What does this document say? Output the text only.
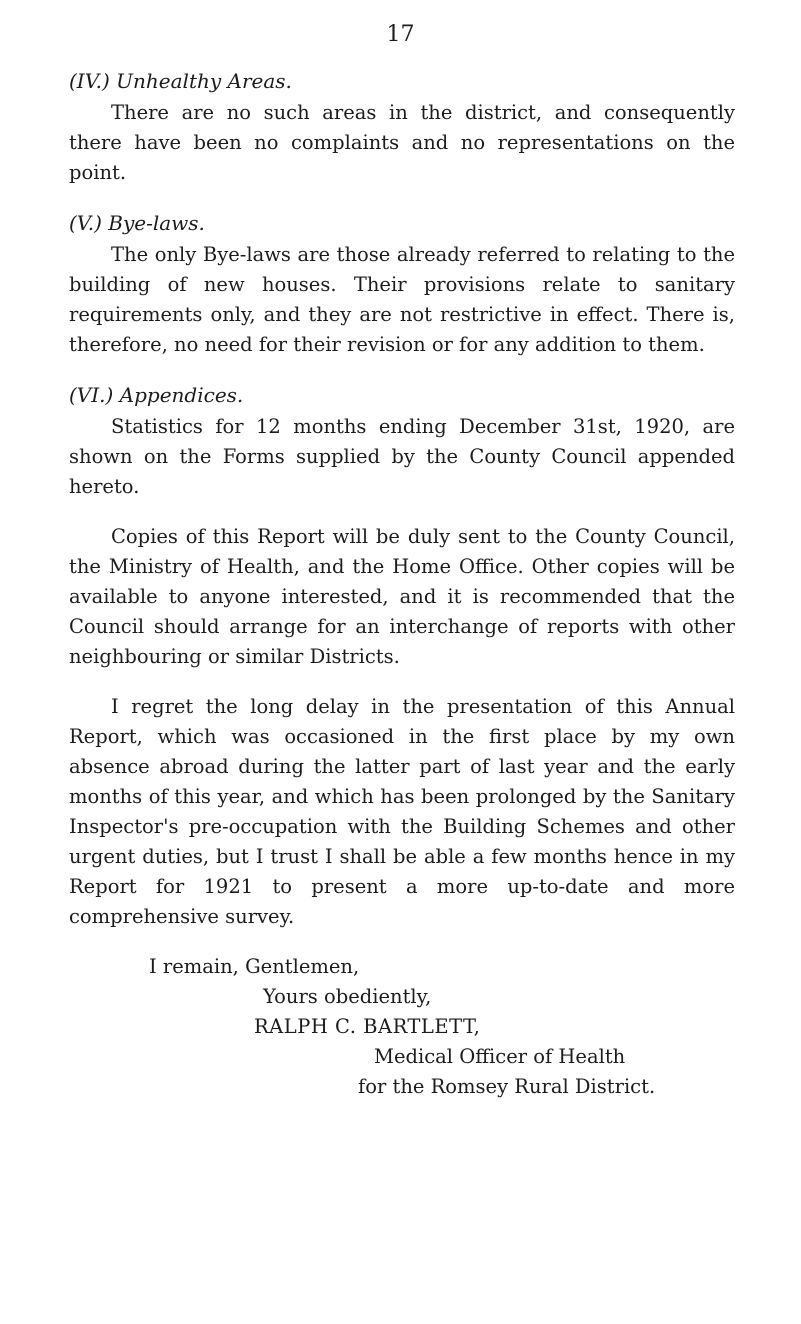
17

(IV.) Unhealthy Areas.

There are no such areas in the district, and consequently there have been no complaints and no representations on the point.

(V.) Bye-laws.

The only Bye-laws are those already referred to relating to the building of new houses. Their provisions relate to sanitary requirements only, and they are not restrictive in effect. There is, therefore, no need for their revision or for any addition to them.

(VI.) Appendices.

Statistics for 12 months ending December 31st, 1920, are shown on the Forms supplied by the County Council appended hereto.

Copies of this Report will be duly sent to the County Council, the Ministry of Health, and the Home Office. Other copies will be available to anyone interested, and it is recommended that the Council should arrange for an interchange of reports with other neighbouring or similar Districts.

I regret the long delay in the presentation of this Annual Report, which was occasioned in the first place by my own absence abroad during the latter part of last year and the early months of this year, and which has been prolonged by the Sanitary Inspector's pre-occupation with the Building Schemes and other urgent duties, but I trust I shall be able a few months hence in my Report for 1921 to present a more up-to-date and more comprehensive survey.

I remain, Gentlemen,
Yours obediently,
RALPH C. BARTLETT,
Medical Officer of Health
for the Romsey Rural District.
